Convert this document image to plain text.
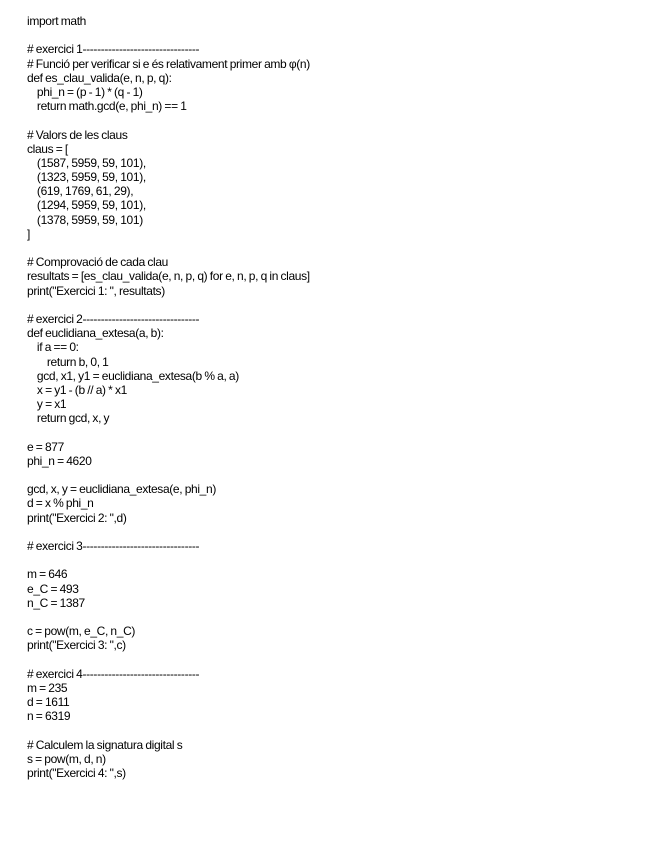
import math
# exercici 1--------------------------------
# Funció per verificar si e és relativament primer amb φ(n)
def es_clau_valida(e, n, p, q):
phi_n = (p - 1) * (q - 1)
return math.gcd(e, phi_n) == 1
# Valors de les claus
claus = [
(1587, 5959, 59, 101),
(1323, 5959, 59, 101),
(619, 1769, 61, 29),
(1294, 5959, 59, 101),
(1378, 5959, 59, 101)
]
# Comprovació de cada clau
resultats = [es_clau_valida(e, n, p, q) for e, n, p, q in claus]
print("Exercici 1: ", resultats)
# exercici 2--------------------------------
def euclidiana_extesa(a, b):
if a == 0:
return b, 0, 1
gcd, x1, y1 = euclidiana_extesa(b % a, a)
x = y1 - (b // a) * x1
y = x1
return gcd, x, y
e = 877
phi_n = 4620
gcd, x, y = euclidiana_extesa(e, phi_n)
d = x % phi_n
print("Exercici 2: ",d)
# exercici 3--------------------------------
m = 646
e_C = 493
n_C = 1387
c = pow(m, e_C, n_C)
print("Exercici 3: ",c)
# exercici 4--------------------------------
m = 235
d = 1611
n = 6319
# Calculem la signatura digital s
s = pow(m, d, n)
print("Exercici 4: ",s)
